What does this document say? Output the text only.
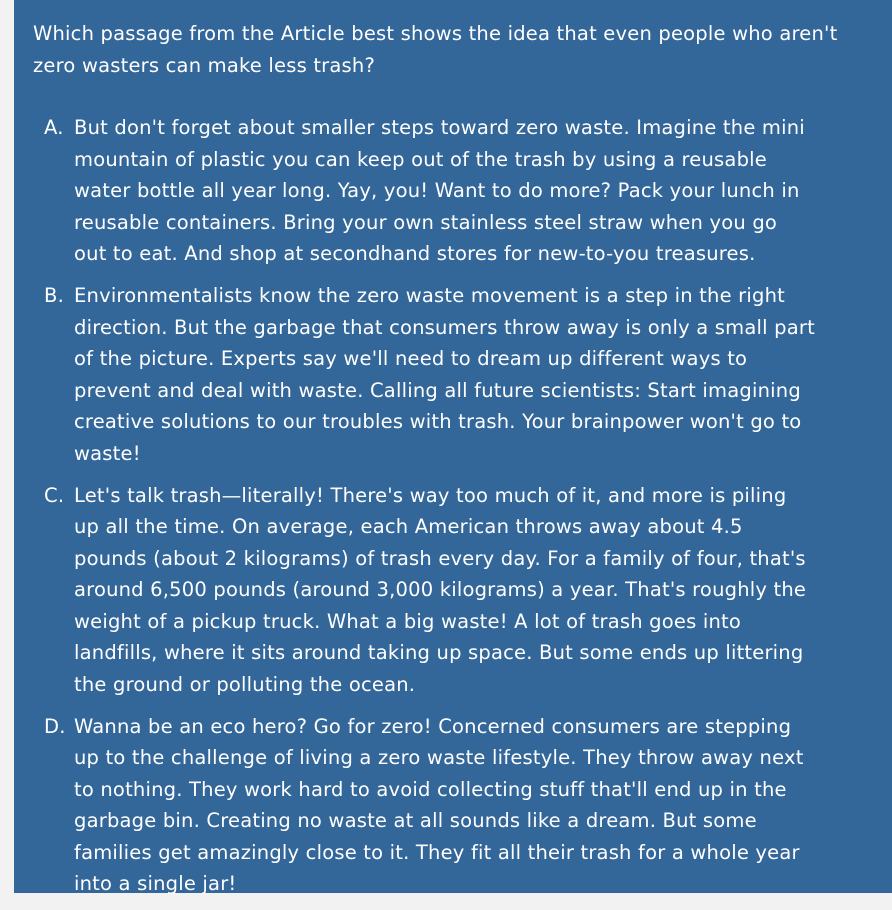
Which passage from the Article best shows the idea that even people who aren't
zero wasters can make less trash?
A. But don't forget about smaller steps toward zero waste. Imagine the mini
mountain of plastic you can keep out of the trash by using a reusable
water bottle all year long. Yay, you! Want to do more? Pack your lunch in
reusable containers. Bring your own stainless steel straw when you go
out to eat. And shop at secondhand stores for new-to-you treasures.
B. Environmentalists know the zero waste movement is a step in the right
direction. But the garbage that consumers throw away is only a small part
of the picture. Experts say we'll need to dream up different ways to
prevent and deal with waste. Calling all future scientists: Start imagining
creative solutions to our troubles with trash. Your brainpower won't go to
waste!
C. Let's talk trash—literally! There's way too much of it, and more is piling
up all the time. On average, each American throws away about 4.5
pounds (about 2 kilograms) of trash every day. For a family of four, that's
around 6,500 pounds (around 3,000 kilograms) a year. That's roughly the
weight of a pickup truck. What a big waste! A lot of trash goes into
landfills, where it sits around taking up space. But some ends up littering
the ground or polluting the ocean.
D. Wanna be an eco hero? Go for zero! Concerned consumers are stepping
up to the challenge of living a zero waste lifestyle. They throw away next
to nothing. They work hard to avoid collecting stuff that'll end up in the
garbage bin. Creating no waste at all sounds like a dream. But some
families get amazingly close to it. They fit all their trash for a whole year
into a single jar!
